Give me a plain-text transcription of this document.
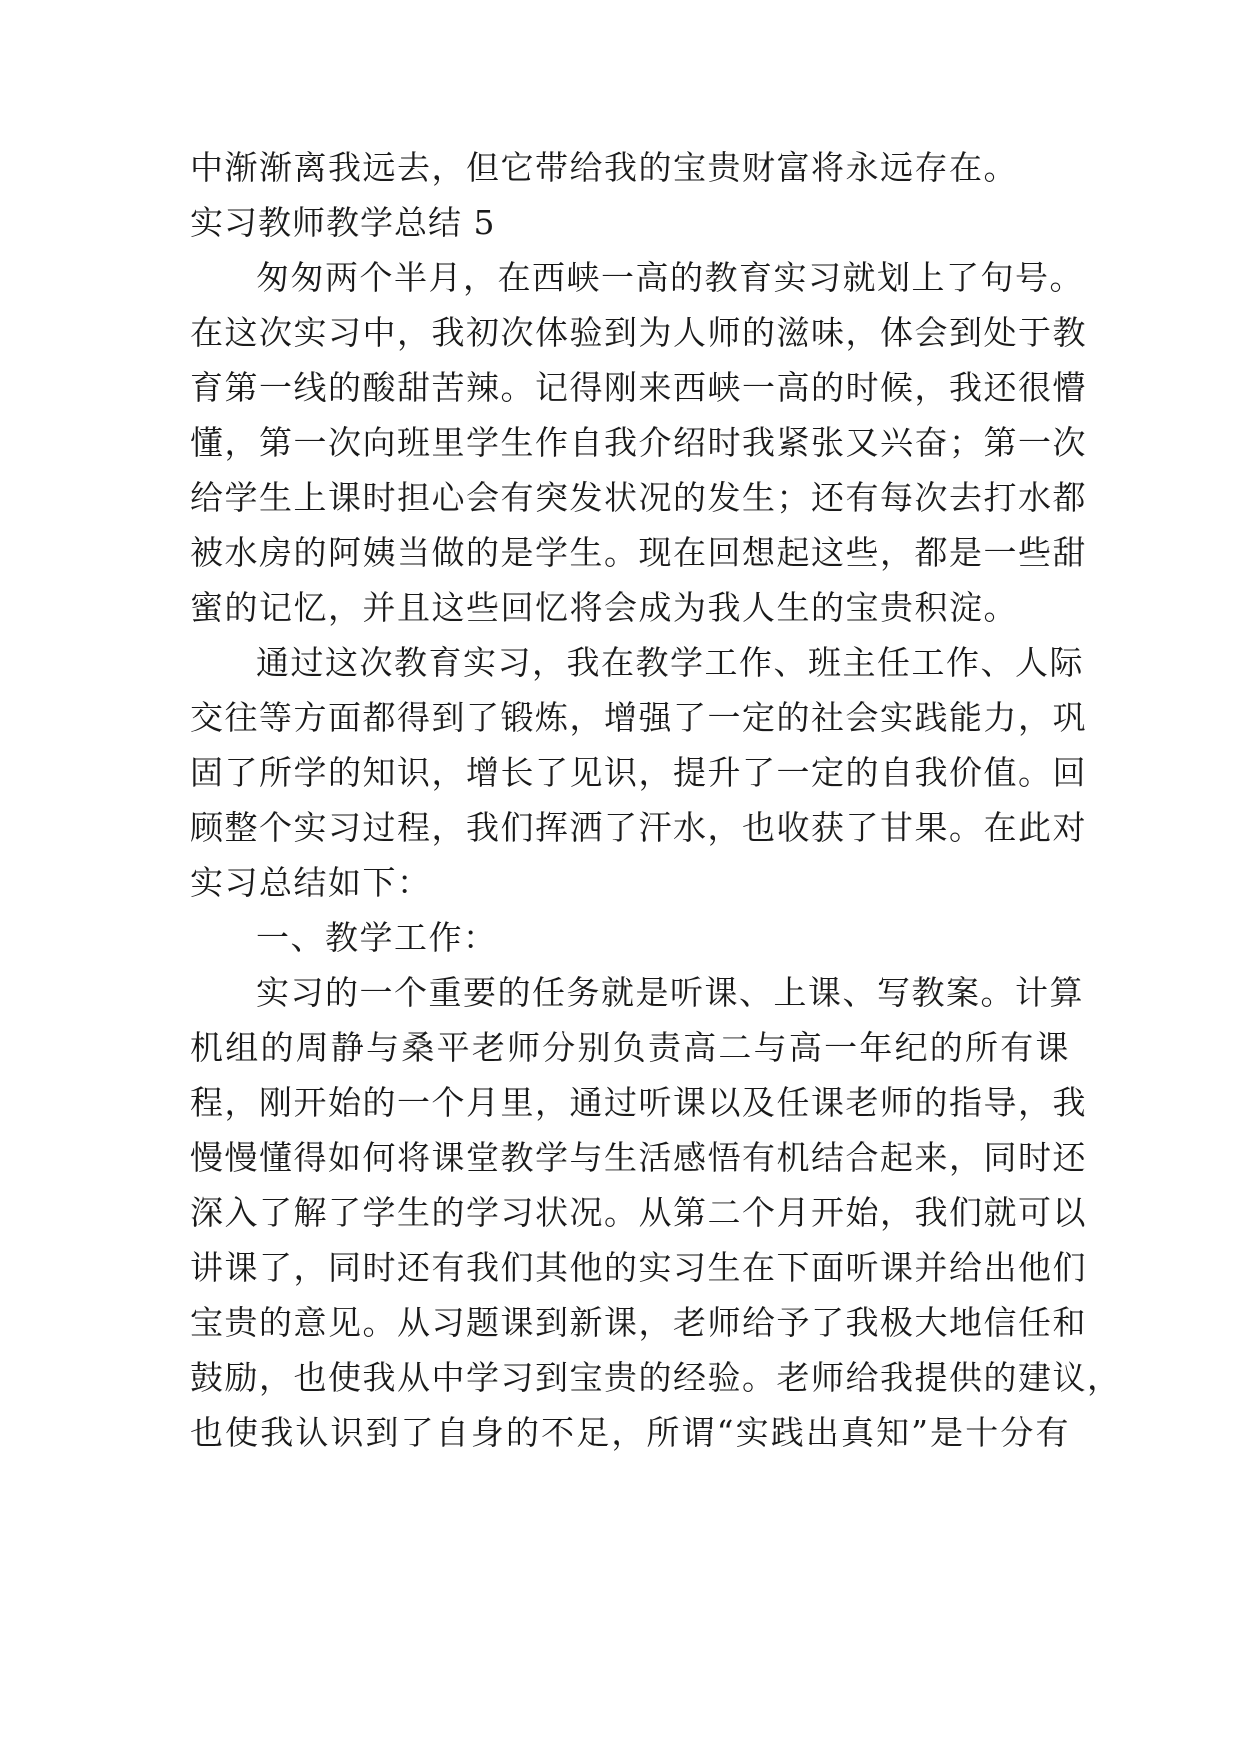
中渐渐离我远去，但它带给我的宝贵财富将永远存在。
实习教师教学总结 5
匆匆两个半月，在西峡一高的教育实习就划上了句号。
在这次实习中，我初次体验到为人师的滋味，体会到处于教
育第一线的酸甜苦辣。记得刚来西峡一高的时候，我还很懵
懂，第一次向班里学生作自我介绍时我紧张又兴奋；第一次
给学生上课时担心会有突发状况的发生；还有每次去打水都
被水房的阿姨当做的是学生。现在回想起这些，都是一些甜
蜜的记忆，并且这些回忆将会成为我人生的宝贵积淀。
通过这次教育实习，我在教学工作、班主任工作、人际
交往等方面都得到了锻炼，增强了一定的社会实践能力，巩
固了所学的知识，增长了见识，提升了一定的自我价值。回
顾整个实习过程，我们挥洒了汗水，也收获了甘果。在此对
实习总结如下：
一、教学工作：
实习的一个重要的任务就是听课、上课、写教案。计算
机组的周静与桑平老师分别负责高二与高一年纪的所有课
程，刚开始的一个月里，通过听课以及任课老师的指导，我
慢慢懂得如何将课堂教学与生活感悟有机结合起来，同时还
深入了解了学生的学习状况。从第二个月开始，我们就可以
讲课了，同时还有我们其他的实习生在下面听课并给出他们
宝贵的意见。从习题课到新课，老师给予了我极大地信任和
鼓励，也使我从中学习到宝贵的经验。老师给我提供的建议，
也使我认识到了自身的不足，所谓“实践出真知”是十分有
